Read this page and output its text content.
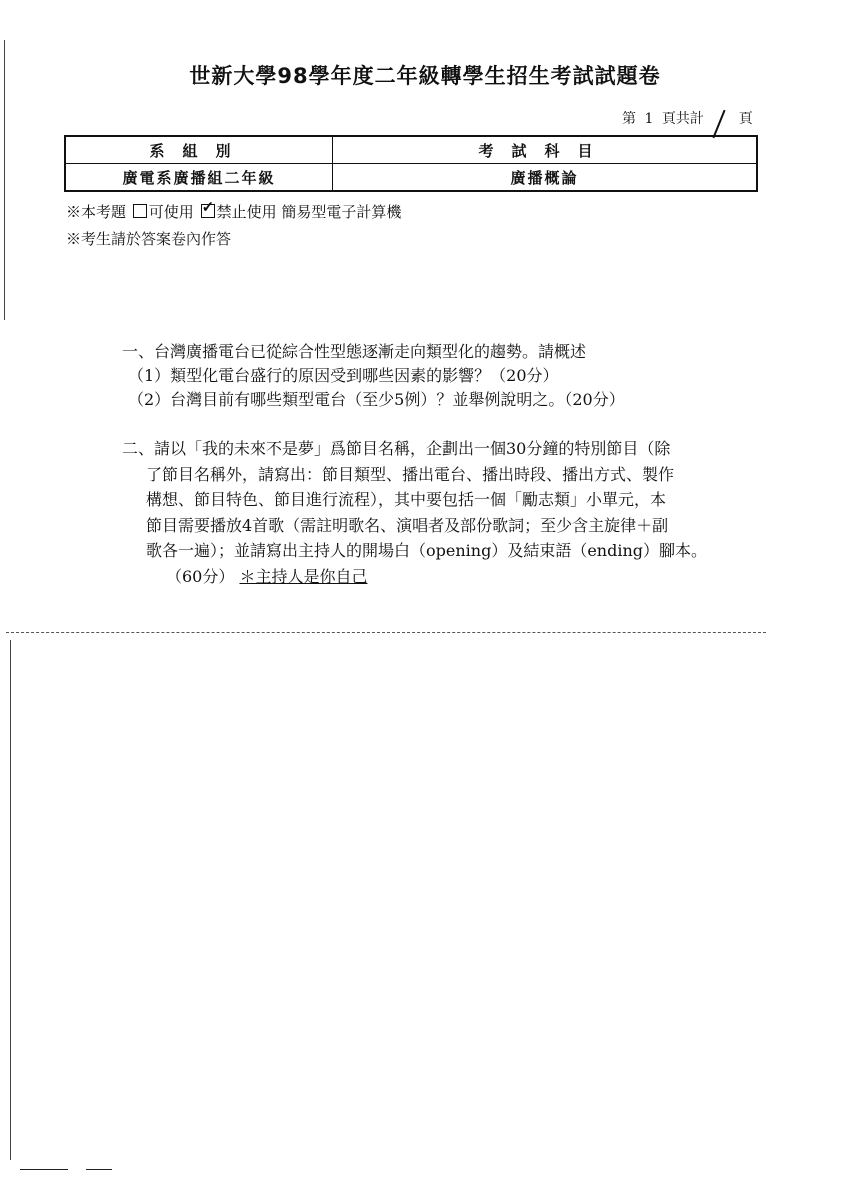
世新大學98學年度二年級轉學生招生考試試題卷
第 1 頁共計 頁
系組別	考試科目
廣電系廣播組二年級	廣播概論
※本考題 可使用 ✓ 禁止使用 簡易型電子計算機
※考生請於答案卷內作答
一、台灣廣播電台已從綜合性型態逐漸走向類型化的趨勢。請概述
（1）類型化電台盛行的原因受到哪些因素的影響？（20分）
（2）台灣目前有哪些類型電台（至少5例）？並舉例說明之。（20分）
二、請以「我的未來不是夢」爲節目名稱，企劃出一個30分鐘的特別節目（除
了節目名稱外，請寫出：節目類型、播出電台、播出時段、播出方式、製作
構想、節目特色、節目進行流程），其中要包括一個「勵志類」小單元，本
節目需要播放4首歌（需註明歌名、演唱者及部份歌詞；至少含主旋律＋副
歌各一遍）；並請寫出主持人的開場白（opening）及結束語（ending）腳本。
（60分） ＊主持人是你自己
